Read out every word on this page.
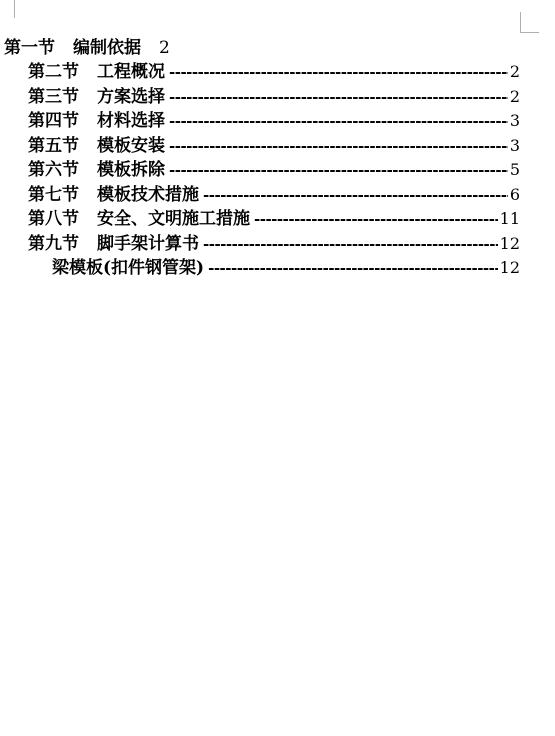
第一节 编制依据 2
第二节 工程概况 -----	2
第三节 方案选择 -----	2
第四节 材料选择 -----	3
第五节 模板安装 -----	3
第六节 模板拆除 -----	5
第七节 模板技术措施 -----	6
第八节 安全、文明施工措施 -----	11
第九节 脚手架计算书 -----	12
梁模板(扣件钢管架) -----	12
